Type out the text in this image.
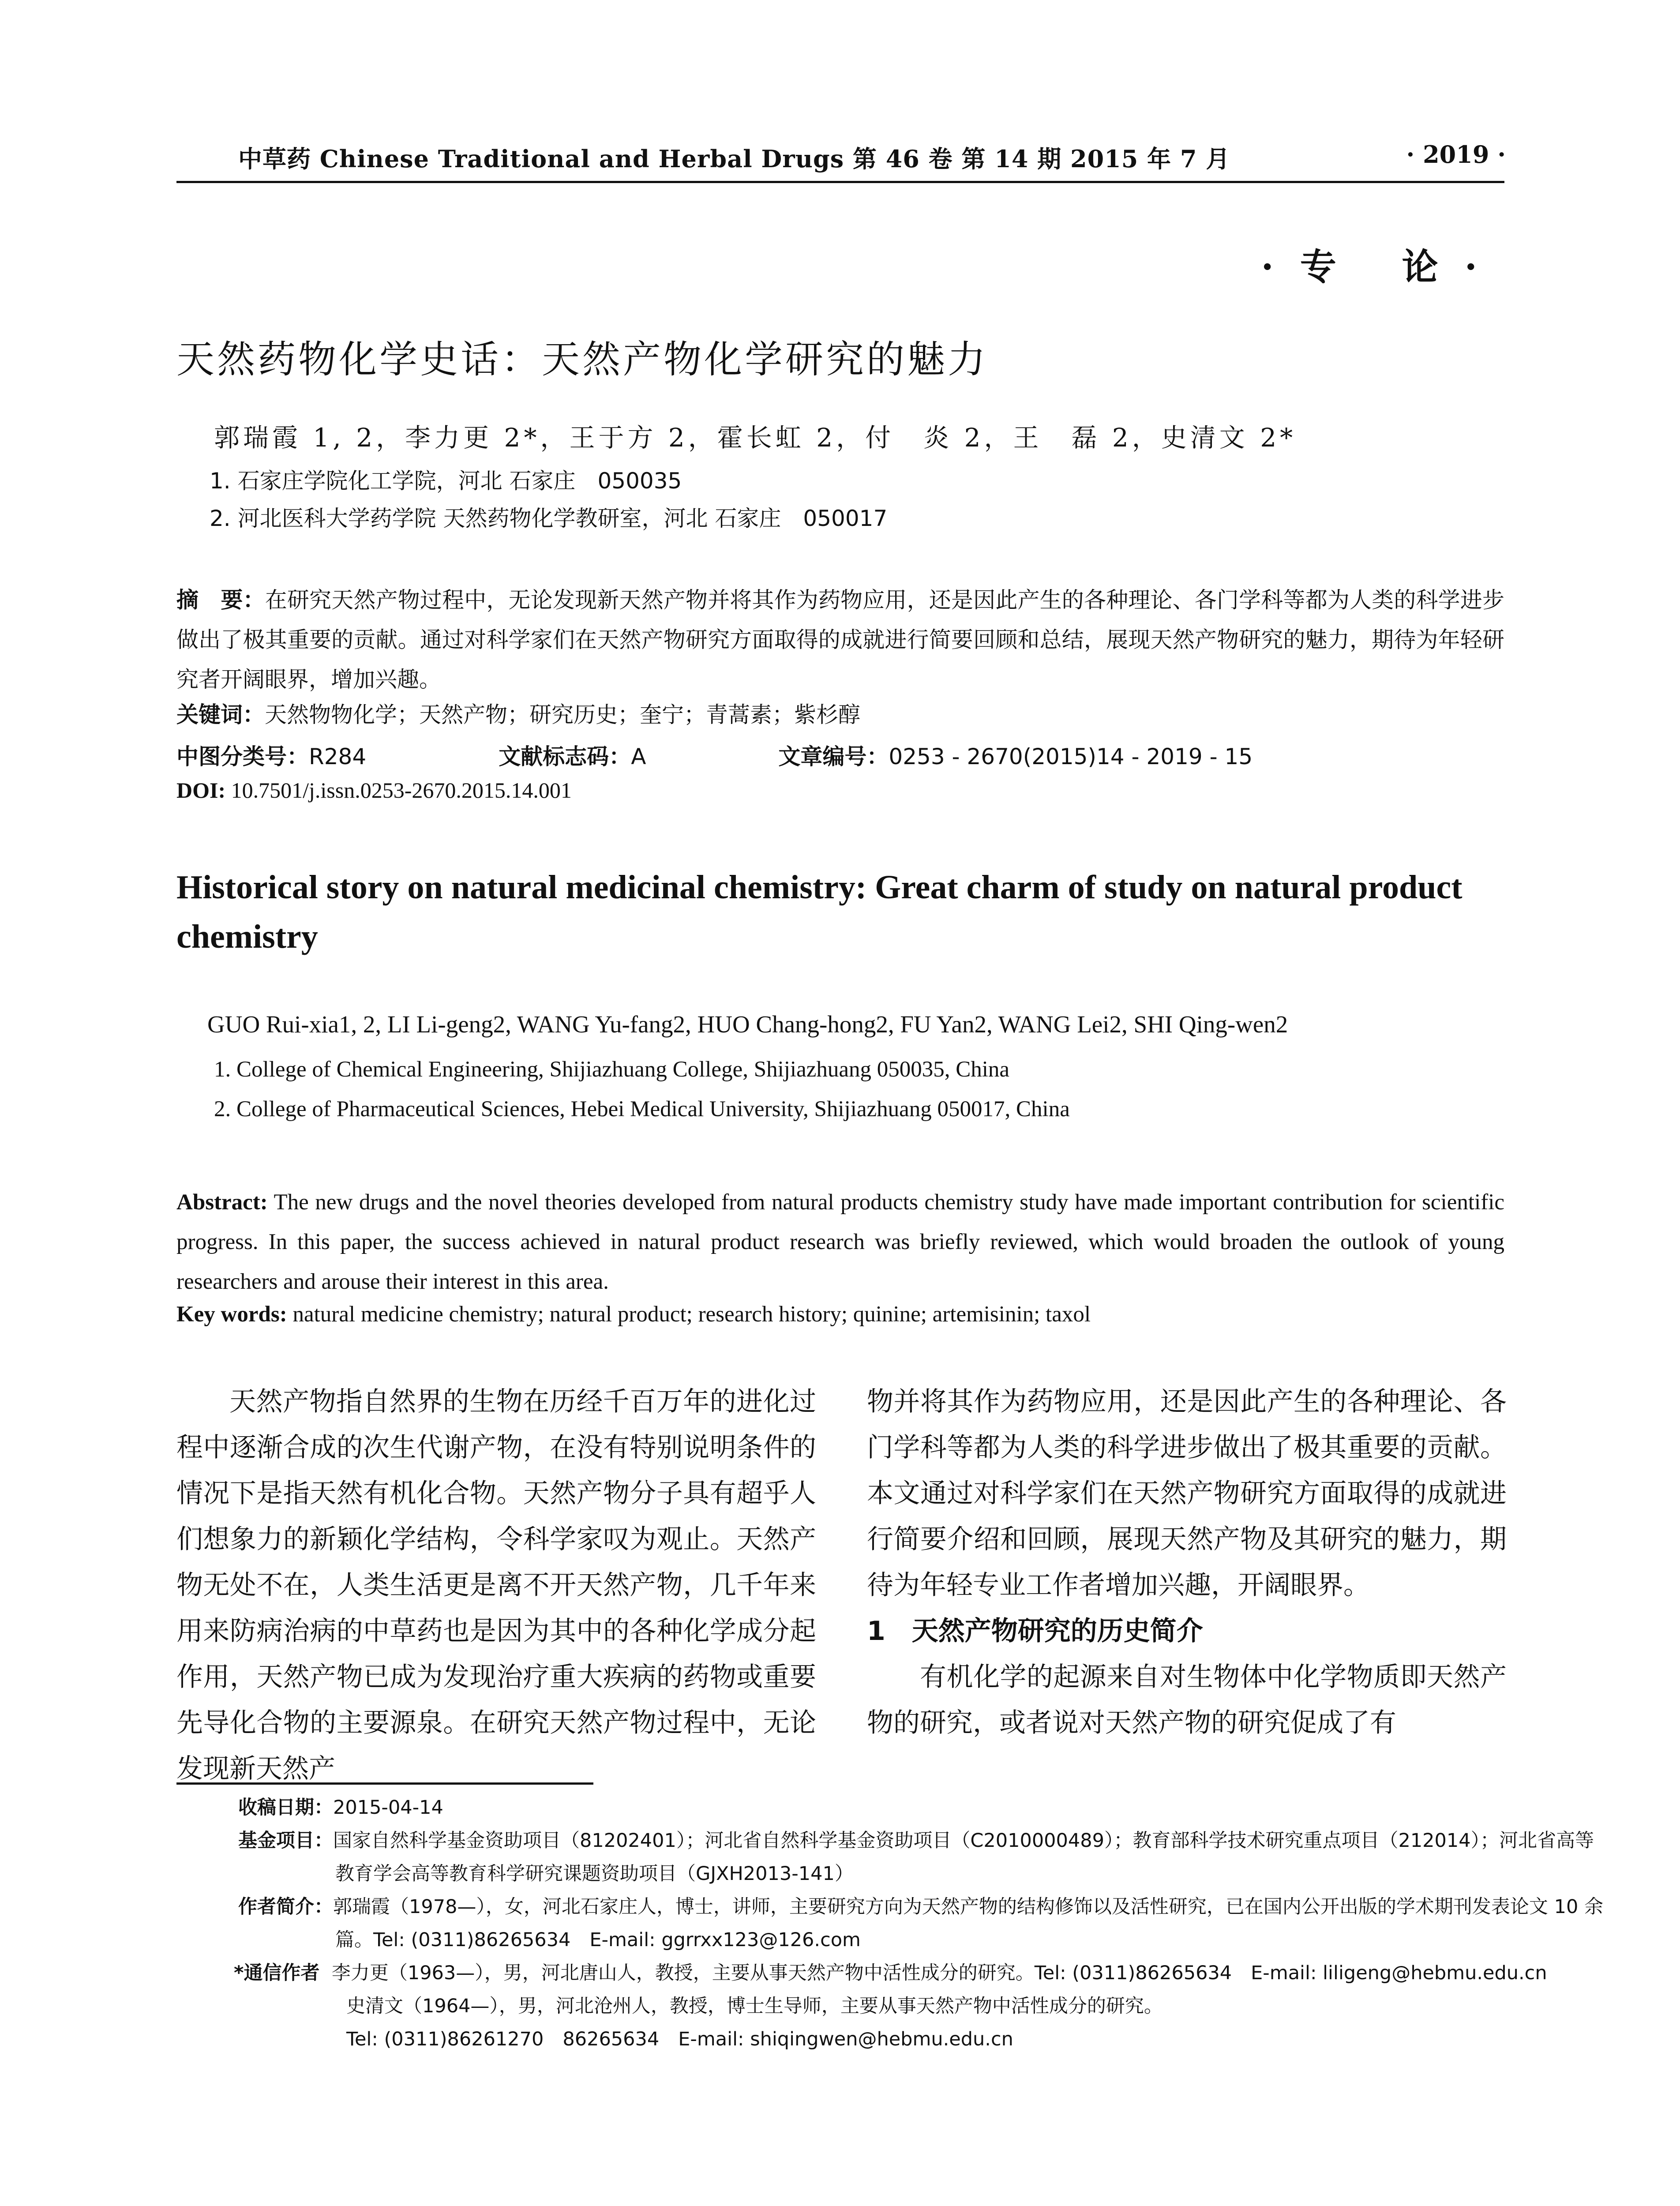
中草药 Chinese Traditional and Herbal Drugs 第 46 卷 第 14 期 2015 年 7 月	· 2019 ·
·专 论·
天然药物化学史话：天然产物化学研究的魅力
郭瑞霞 1, 2，李力更 2*，王于方 2，霍长虹 2，付　炎 2，王　磊 2，史清文 2*
1. 石家庄学院化工学院，河北 石家庄　050035
2. 河北医科大学药学院 天然药物化学教研室，河北 石家庄　050017
摘　要：在研究天然产物过程中，无论发现新天然产物并将其作为药物应用，还是因此产生的各种理论、各门学科等都为人类的科学进步做出了极其重要的贡献。通过对科学家们在天然产物研究方面取得的成就进行简要回顾和总结，展现天然产物研究的魅力，期待为年轻研究者开阔眼界，增加兴趣。
关键词：天然物物化学；天然产物；研究历史；奎宁；青蒿素；紫杉醇
中图分类号：R284	文献标志码：A	文章编号：0253 - 2670(2015)14 - 2019 - 15
DOI: 10.7501/j.issn.0253-2670.2015.14.001
Historical story on natural medicinal chemistry: Great charm of study on natural product chemistry
GUO Rui-xia1, 2, LI Li-geng2, WANG Yu-fang2, HUO Chang-hong2, FU Yan2, WANG Lei2, SHI Qing-wen2
1. College of Chemical Engineering, Shijiazhuang College, Shijiazhuang 050035, China
2. College of Pharmaceutical Sciences, Hebei Medical University, Shijiazhuang 050017, China
Abstract: The new drugs and the novel theories developed from natural products chemistry study have made important contribution for scientific progress. In this paper, the success achieved in natural product research was briefly reviewed, which would broaden the outlook of young researchers and arouse their interest in this area.
Key words: natural medicine chemistry; natural product; research history; quinine; artemisinin; taxol

天然产物指自然界的生物在历经千百万年的进化过程中逐渐合成的次生代谢产物，在没有特别说明条件的情况下是指天然有机化合物。天然产物分子具有超乎人们想象力的新颖化学结构，令科学家叹为观止。天然产物无处不在，人类生活更是离不开天然产物，几千年来用来防病治病的中草药也是因为其中的各种化学成分起作用，天然产物已成为发现治疗重大疾病的药物或重要先导化合物的主要源泉。在研究天然产物过程中，无论发现新天然产

物并将其作为药物应用，还是因此产生的各种理论、各门学科等都为人类的科学进步做出了极其重要的贡献。本文通过对科学家们在天然产物研究方面取得的成就进行简要介绍和回顾，展现天然产物及其研究的魅力，期待为年轻专业工作者增加兴趣，开阔眼界。

1　天然产物研究的历史简介

有机化学的起源来自对生物体中化学物质即天然产物的研究，或者说对天然产物的研究促成了有

收稿日期：2015-04-14
基金项目：国家自然科学基金资助项目（81202401）；河北省自然科学基金资助项目（C2010000489）；教育部科学技术研究重点项目（212014）；河北省高等教育学会高等教育科学研究课题资助项目（GJXH2013-141）
作者简介：郭瑞霞（1978—），女，河北石家庄人，博士，讲师，主要研究方向为天然产物的结构修饰以及活性研究，已在国内公开出版的学术期刊发表论文 10 余篇。Tel: (0311)86265634　E-mail: ggrrxx123@126.com
*通信作者 李力更（1963—），男，河北唐山人，教授，主要从事天然产物中活性成分的研究。Tel: (0311)86265634　E-mail: liligeng@hebmu.edu.cn
史清文（1964—），男，河北沧州人，教授，博士生导师，主要从事天然产物中活性成分的研究。
Tel: (0311)86261270　86265634　E-mail: shiqingwen@hebmu.edu.cn
